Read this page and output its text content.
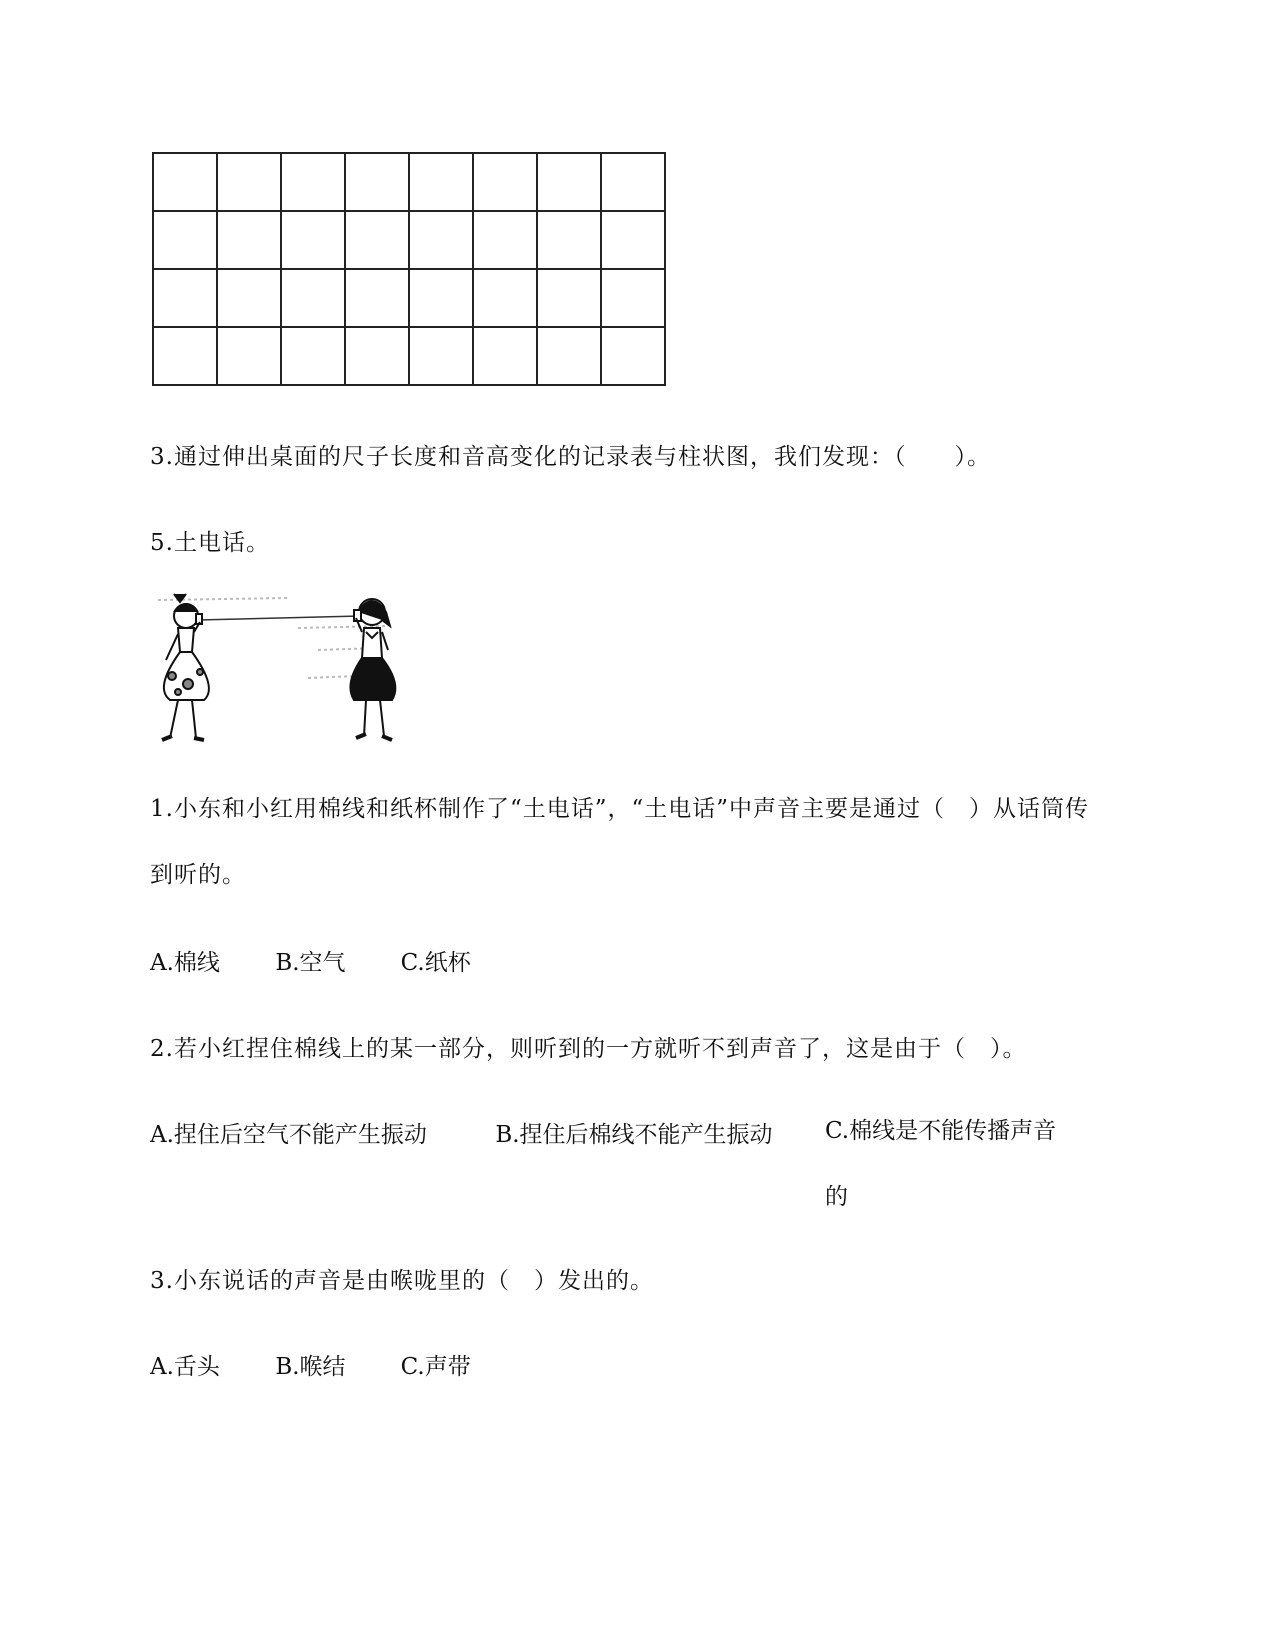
3.通过伸出桌面的尺子长度和音高变化的记录表与柱状图，我们发现：（　　）。
5.土电话。
1.小东和小红用棉线和纸杯制作了“土电话”，“土电话”中声音主要是通过（　）从话筒传到听的。
A.棉线 B.空气 C.纸杯
2.若小红捏住棉线上的某一部分，则听到的一方就听不到声音了，这是由于（　）。
A.捏住后空气不能产生振动	B.捏住后棉线不能产生振动	C.棉线是不能传播声音的
3.小东说话的声音是由喉咙里的（　）发出的。
A.舌头 B.喉结 C.声带
